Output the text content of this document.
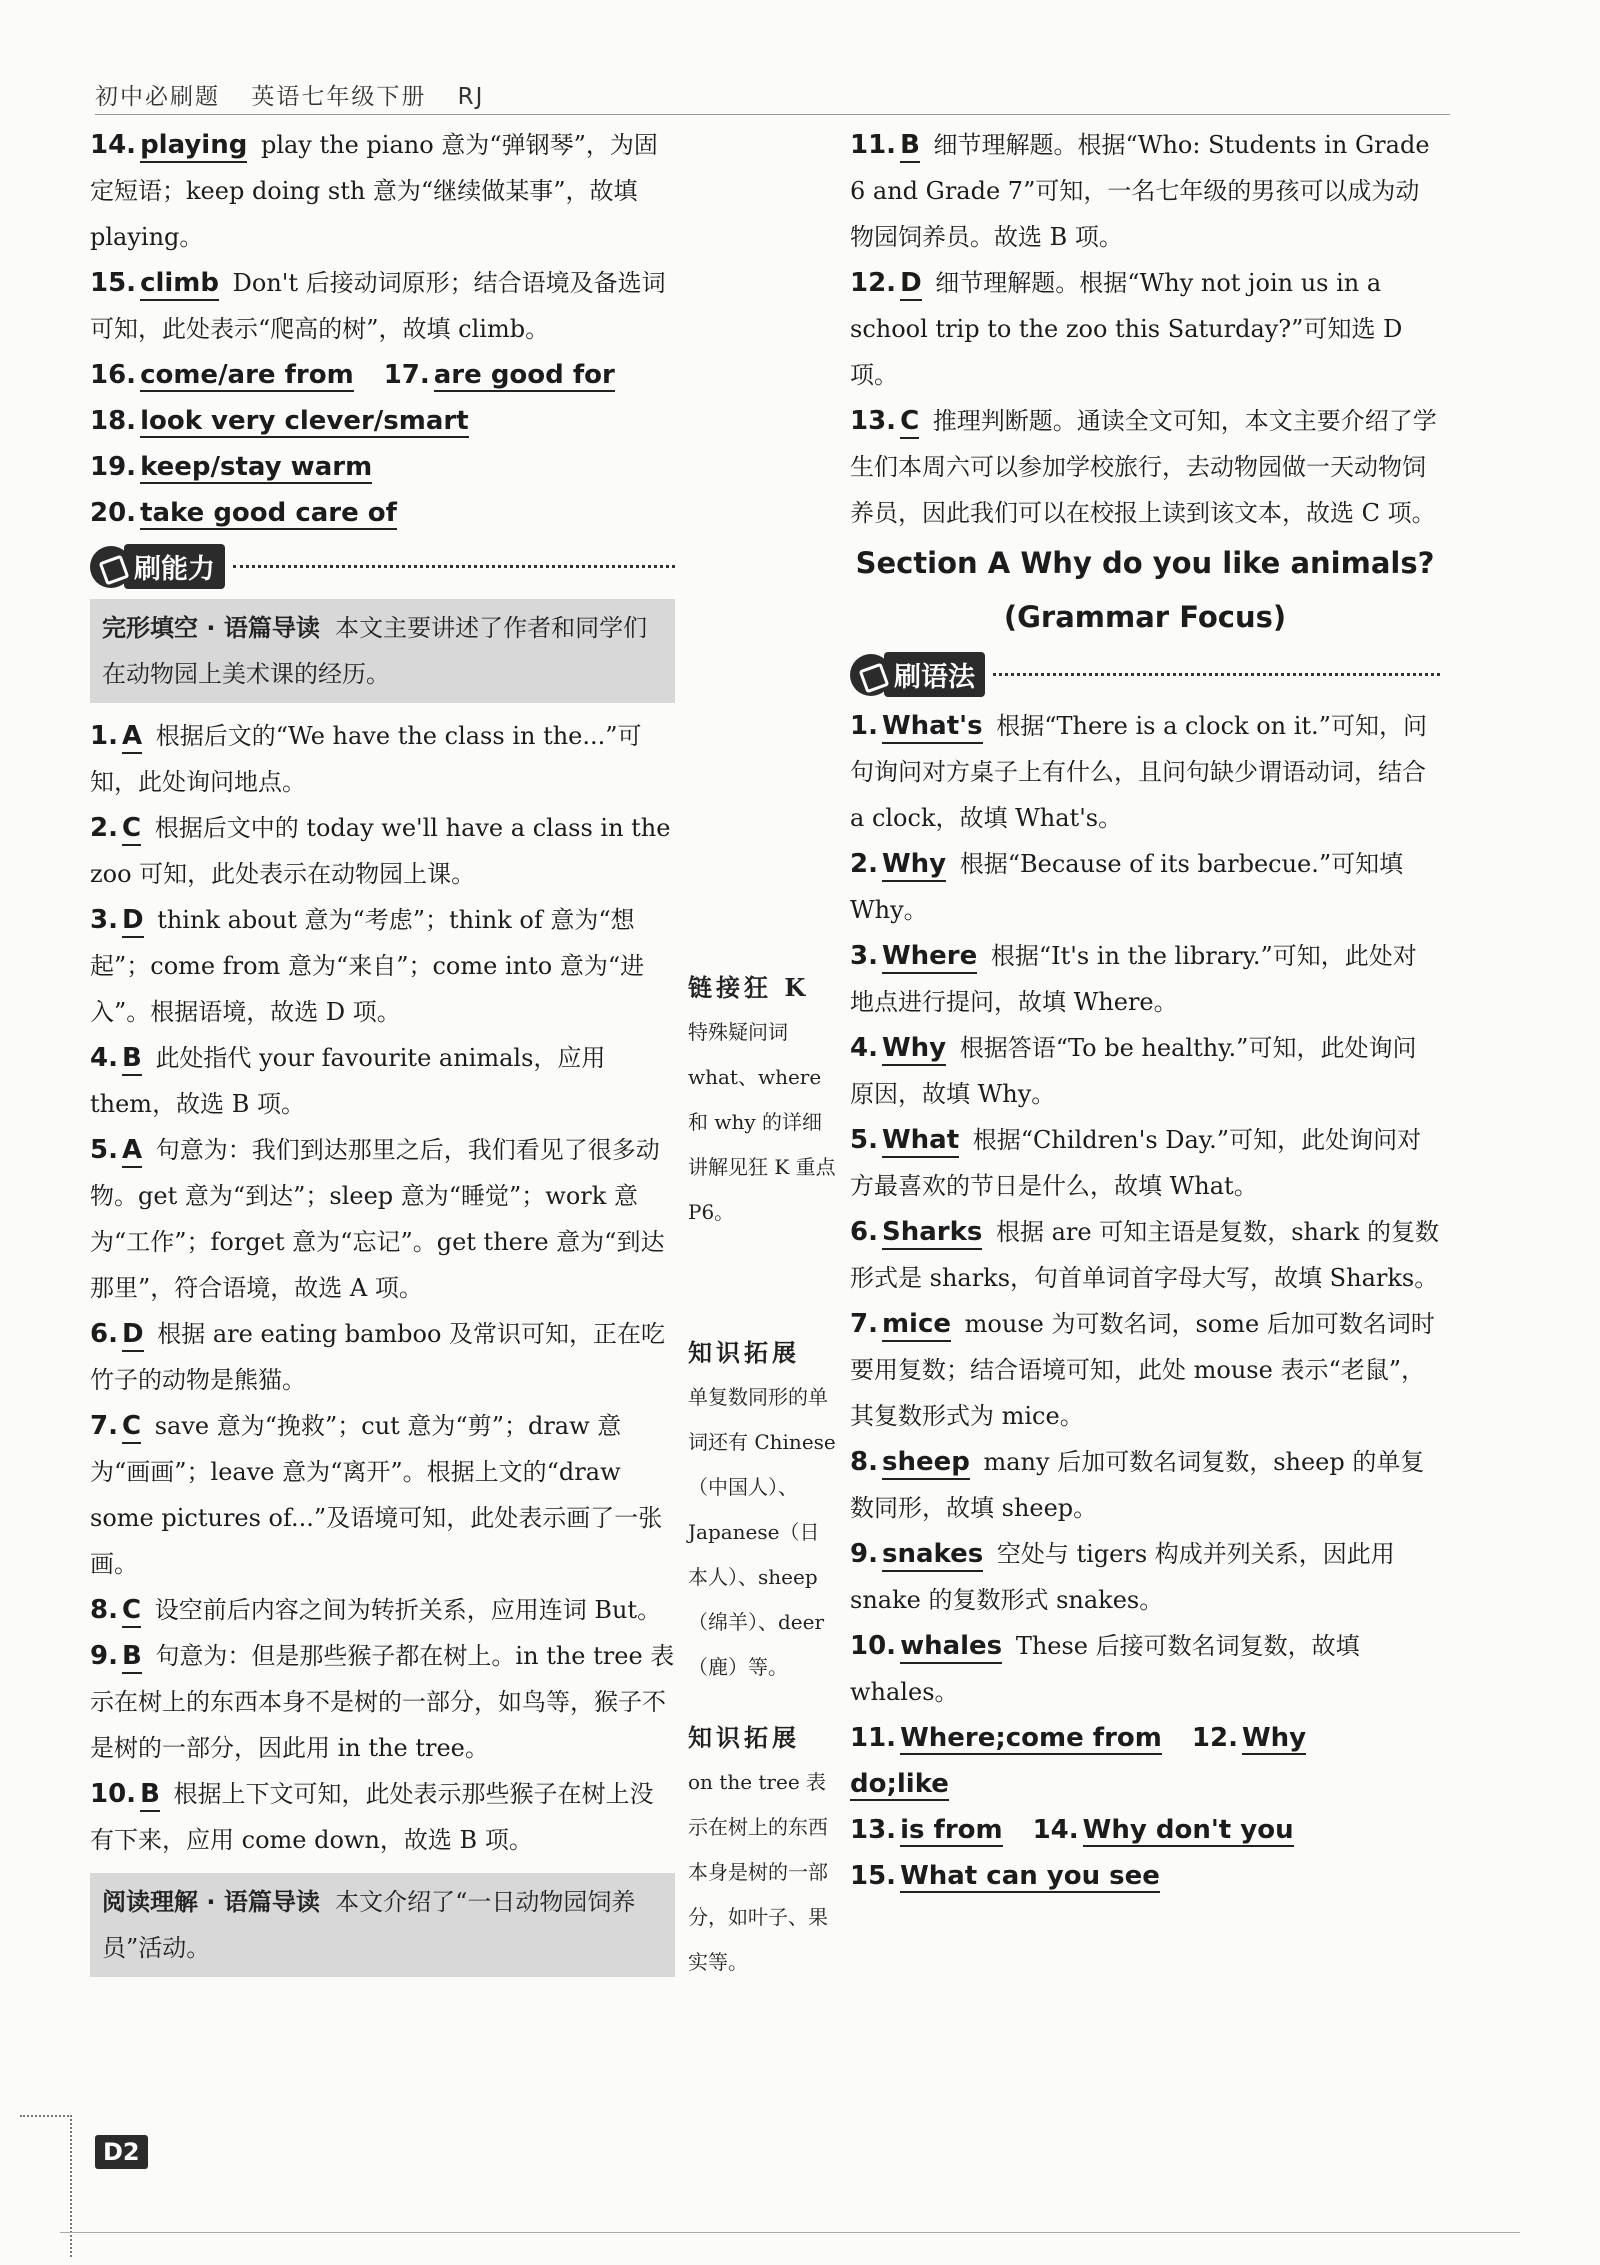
初中必刷题 英语七年级下册 RJ
14. playing play the piano 意为“弹钢琴”，为固定短语；keep doing sth 意为“继续做某事”，故填 playing。
15. climb Don't 后接动词原形；结合语境及备选词可知，此处表示“爬高的树”，故填 climb。
16. come/are from 17. are good for
18. look very clever/smart
19. keep/stay warm
20. take good care of
刷能力
完形填空 · 语篇导读 本文主要讲述了作者和同学们在动物园上美术课的经历。
1. A 根据后文的“We have the class in the...”可知，此处询问地点。
2. C 根据后文中的 today we'll have a class in the zoo 可知，此处表示在动物园上课。
3. D think about 意为“考虑”；think of 意为“想起”；come from 意为“来自”；come into 意为“进入”。根据语境，故选 D 项。
4. B 此处指代 your favourite animals，应用 them，故选 B 项。
5. A 句意为：我们到达那里之后，我们看见了很多动物。get 意为“到达”；sleep 意为“睡觉”；work 意为“工作”；forget 意为“忘记”。get there 意为“到达那里”，符合语境，故选 A 项。
6. D 根据 are eating bamboo 及常识可知，正在吃竹子的动物是熊猫。
7. C save 意为“挽救”；cut 意为“剪”；draw 意为“画画”；leave 意为“离开”。根据上文的“draw some pictures of...”及语境可知，此处表示画了一张画。
8. C 设空前后内容之间为转折关系，应用连词 But。
9. B 句意为：但是那些猴子都在树上。in the tree 表示在树上的东西本身不是树的一部分，如鸟等，猴子不是树的一部分，因此用 in the tree。
10. B 根据上下文可知，此处表示那些猴子在树上没有下来，应用 come down，故选 B 项。
阅读理解 · 语篇导读 本文介绍了“一日动物园饲养员”活动。
链接狂 K
特殊疑问词 what、where 和 why 的详细讲解见狂 K 重点 P6。
知识拓展
单复数同形的单词还有 Chinese（中国人）、Japanese（日本人）、sheep（绵羊）、deer（鹿）等。
知识拓展
on the tree 表示在树上的东西本身是树的一部分，如叶子、果实等。
11. B 细节理解题。根据“Who: Students in Grade 6 and Grade 7”可知，一名七年级的男孩可以成为动物园饲养员。故选 B 项。
12. D 细节理解题。根据“Why not join us in a school trip to the zoo this Saturday?”可知选 D 项。
13. C 推理判断题。通读全文可知，本文主要介绍了学生们本周六可以参加学校旅行，去动物园做一天动物饲养员，因此我们可以在校报上读到该文本，故选 C 项。
Section A Why do you like animals?
(Grammar Focus)
刷语法
1. What's 根据“There is a clock on it.”可知，问句询问对方桌子上有什么，且问句缺少谓语动词，结合 a clock，故填 What's。
2. Why 根据“Because of its barbecue.”可知填 Why。
3. Where 根据“It's in the library.”可知，此处对地点进行提问，故填 Where。
4. Why 根据答语“To be healthy.”可知，此处询问原因，故填 Why。
5. What 根据“Children's Day.”可知，此处询问对方最喜欢的节日是什么，故填 What。
6. Sharks 根据 are 可知主语是复数，shark 的复数形式是 sharks，句首单词首字母大写，故填 Sharks。
7. mice mouse 为可数名词，some 后加可数名词时要用复数；结合语境可知，此处 mouse 表示“老鼠”，其复数形式为 mice。
8. sheep many 后加可数名词复数，sheep 的单复数同形，故填 sheep。
9. snakes 空处与 tigers 构成并列关系，因此用 snake 的复数形式 snakes。
10. whales These 后接可数名词复数，故填 whales。
11. Where;come from 12. Why do;like
13. is from 14. Why don't you
15. What can you see
D2
